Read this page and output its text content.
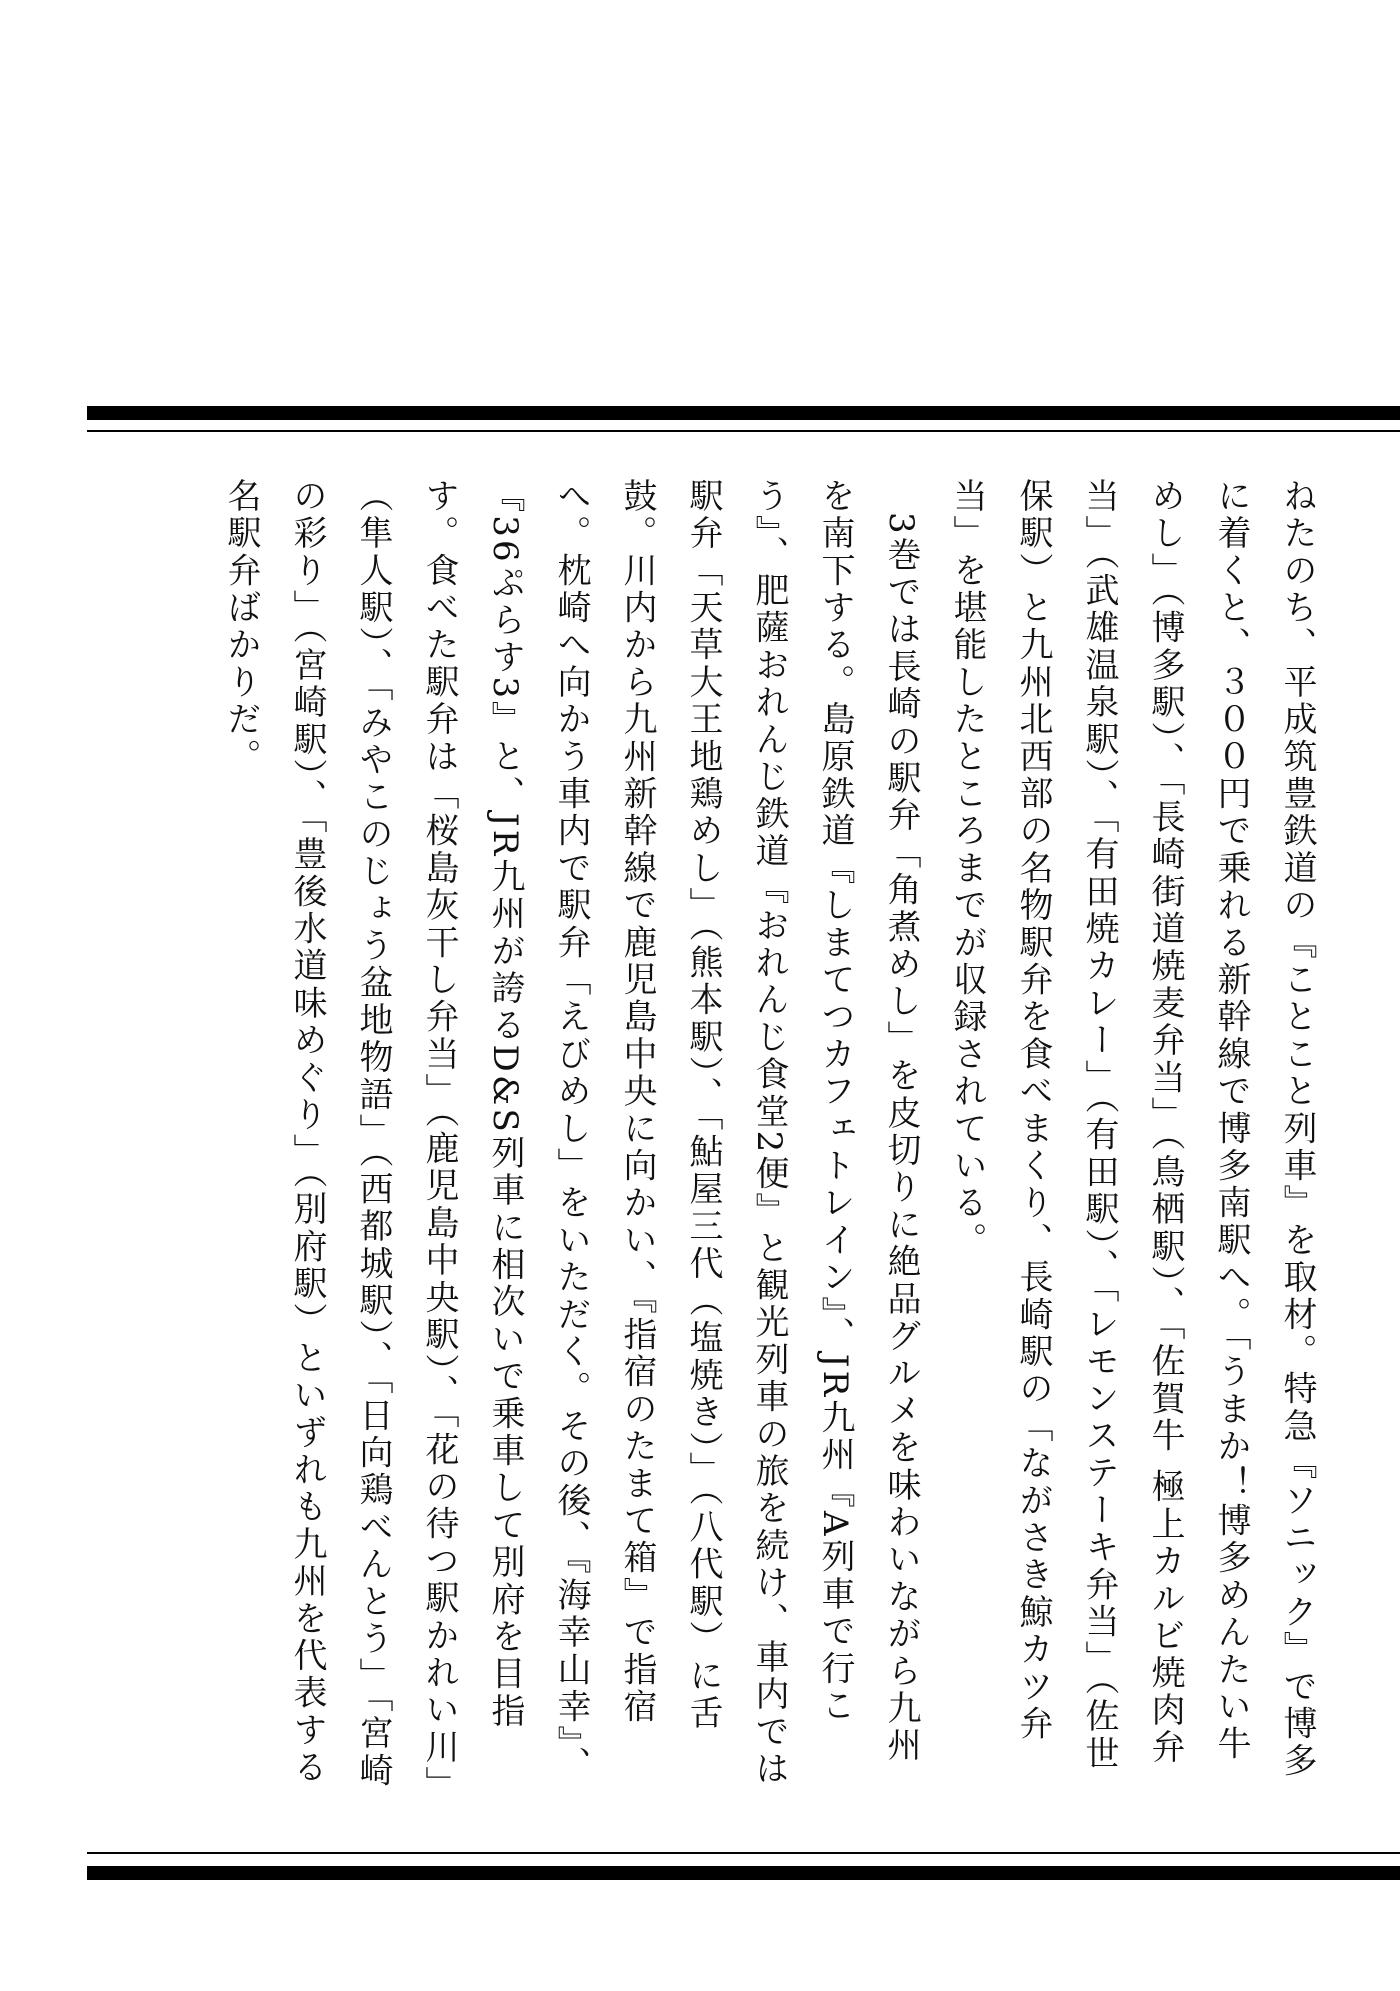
ねたのち、平成筑豊鉄道の『ことこと列車』を取材。特急『ソニック』で博多に着くと、３００円で乗れる新幹線で博多南駅へ。「うまか！博多めんたい牛めし」（博多駅）、「長崎街道焼麦弁当」（鳥栖駅）、「佐賀牛 極上カルビ焼肉弁当」（武雄温泉駅）、「有田焼カレー」（有田駅）、「レモンステーキ弁当」（佐世保駅）と九州北西部の名物駅弁を食べまくり、長崎駅の「ながさき鯨カツ弁当」を堪能したところまでが収録されている。

3巻では長崎の駅弁「角煮めし」を皮切りに絶品グルメを味わいながら九州を南下する。島原鉄道『しまてつカフェトレイン』、JR九州『A列車で行こう』、肥薩おれんじ鉄道『おれんじ食堂2便』と観光列車の旅を続け、車内では駅弁「天草大王地鶏めし」（熊本駅）、「鮎屋三代（塩焼き）」（八代駅）に舌鼓。川内から九州新幹線で鹿児島中央に向かい、『指宿のたまて箱』で指宿へ。枕崎へ向かう車内で駅弁「えびめし」をいただく。その後、『海幸山幸』、『36ぷらす3』と、JR九州が誇るD&S列車に相次いで乗車して別府を目指す。食べた駅弁は「桜島灰干し弁当」（鹿児島中央駅）、「花の待つ駅かれい川」（隼人駅）、「みやこのじょう盆地物語」（西都城駅）、「日向鶏べんとう」「宮崎の彩り」（宮崎駅）、「豊後水道味めぐり」（別府駅）といずれも九州を代表する名駅弁ばかりだ。
